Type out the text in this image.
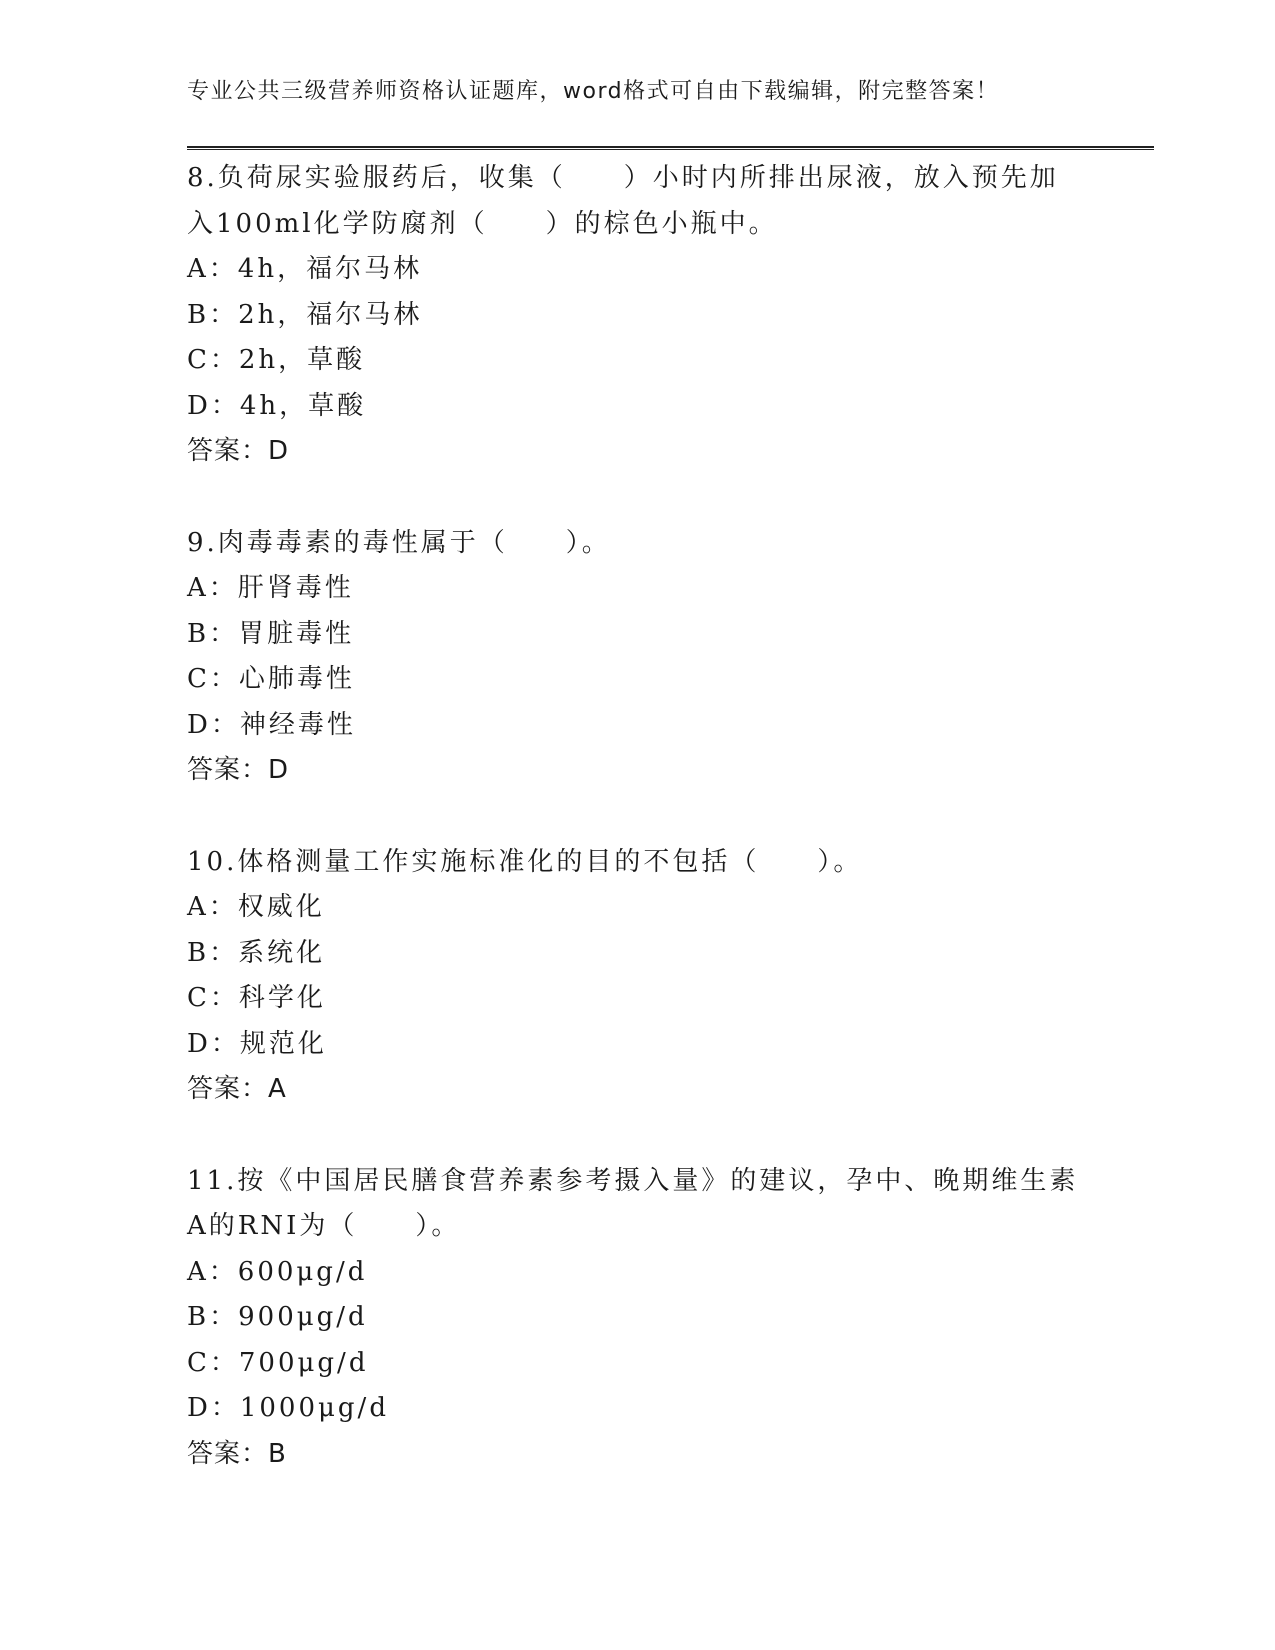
专业公共三级营养师资格认证题库，word格式可自由下载编辑，附完整答案！
8.负荷尿实验服药后，收集（　　）小时内所排出尿液，放入预先加
入100ml化学防腐剂（　　）的棕色小瓶中。
A：4h，福尔马林
B：2h，福尔马林
C：2h，草酸
D：4h，草酸
答案：D
9.肉毒毒素的毒性属于（　　）。
A：肝肾毒性
B：胃脏毒性
C：心肺毒性
D：神经毒性
答案：D
10.体格测量工作实施标准化的目的不包括（　　）。
A：权威化
B：系统化
C：科学化
D：规范化
答案：A
11.按《中国居民膳食营养素参考摄入量》的建议，孕中、晚期维生素
A的RNI为（　　）。
A：600μg/d
B：900μg/d
C：700μg/d
D：1000μg/d
答案：B
